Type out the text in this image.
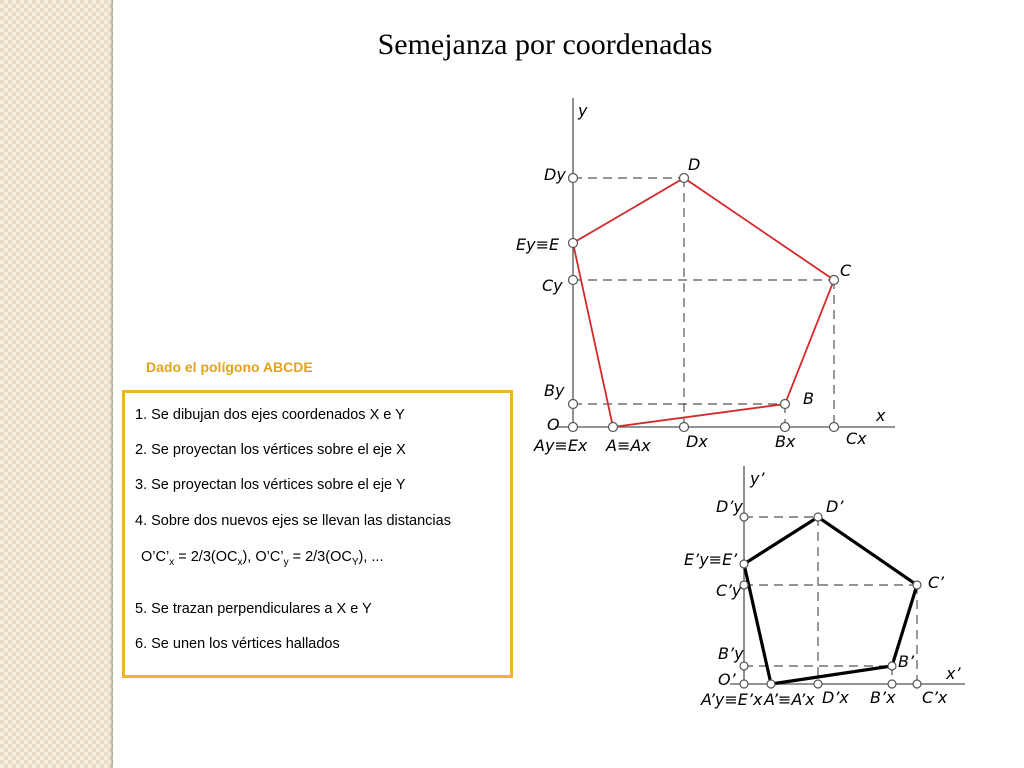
Semejanza por coordenadas
Dado el polígono ABCDE
1. Se dibujan dos ejes coordenados X e Y
2. Se proyectan los vértices sobre el eje X
3. Se proyectan los vértices sobre el eje Y
4. Sobre dos nuevos ejes se llevan las distancias
$O’C’_x = 2/3(OC_x)$, $O’C’_y = 2/3(OC_Y)$, ...
5. Se trazan perpendiculares a X e Y
6. Se unen los vértices hallados
y
x
Dy
Ey≡E
Cy
By
O
Ay≡Ex A≡Ax Dx	Bx	Cx
D
C
B
y’
x’
D’y
E’y≡E’
C’y
B’y
O’
A’y≡E’x A’≡A’x D’x B’x C’x
D’
C’
B’
